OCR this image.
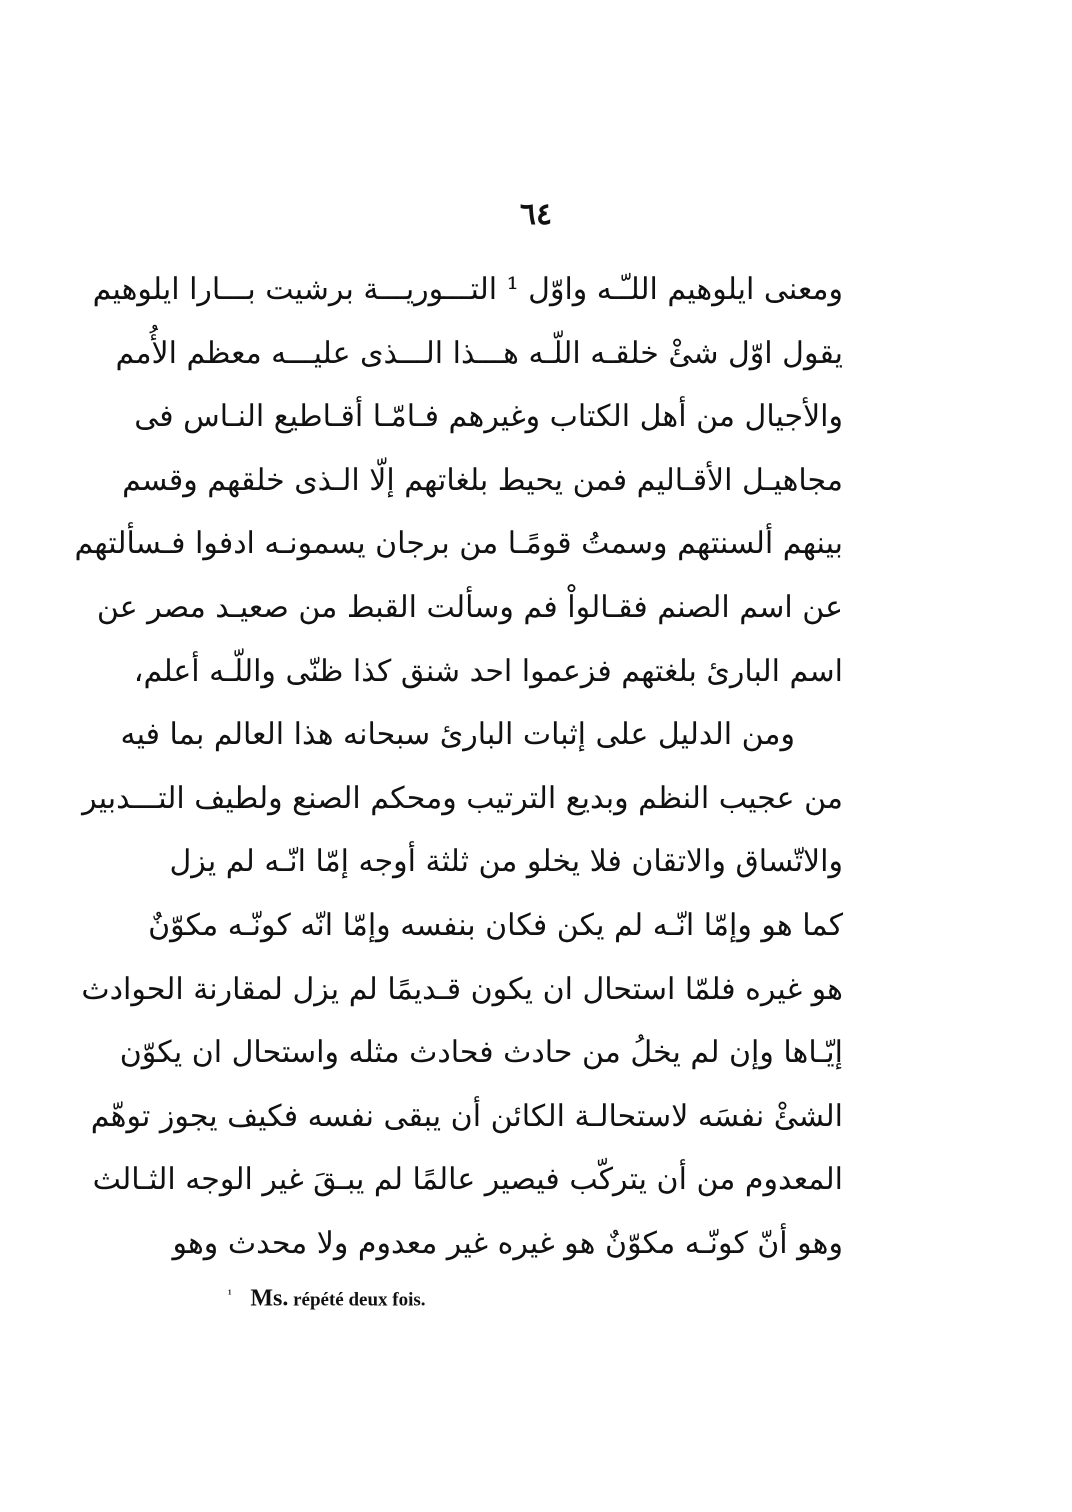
٦٤
ومعنى ايلوهيم اللـّـه واوّل ¹ التـــوريـــة برشيت بـــارا ايلوهيم
يقول اوّل شئْ خلقـه اللّـه هـــذا الـــذى عليـــه معظم الأُمم
والأجيال من أهل الكتاب وغيرهم فـامّـا أقـاطيع النـاس فى
مجاهيـل الأقـاليم فمن يحيط بلغاتهم إلّا الـذى خلقهم وقسم
بينهم ألسنتهم وسمتُ قومًـا من برجان يسمونـه ادفوا فـسألتهم
عن اسم الصنم فقـالواْ فم وسألت القبط من صعيـد مصر عن
اسم البارئ بلغتهم فزعموا احد شنق كذا ظنّى واللّـه أعلم،
ومن الدليل على إثبات البارئ سبحانه هذا العالم بما فيه
من عجيب النظم وبديع الترتيب ومحكم الصنع ولطيف التـــدبير
والاتّساق والاتقان فلا يخلو من ثلثة أوجه إمّا انّـه لم يزل
كما هو وإمّا انّـه لم يكن فكان بنفسه وإمّا انّه كونّـه مكوّنٌ
هو غيره فلمّا استحال ان يكون قـديمًا لم يزل لمقارنة الحوادث
إيّـاها وإن لم يخلُ من حادث فحادث مثله واستحال ان يكوّن
الشئْ نفسَه لاستحالـة الكائن أن يبقى نفسه فكيف يجوز توهّم
المعدوم من أن يتركّب فيصير عالمًا لم يبـقَ غير الوجه الثـالث
وهو أنّ كونّـه مكوّنٌ هو غيره غير معدوم ولا محدث وهو
$^{^1}$ Ms. répété deux fois.
